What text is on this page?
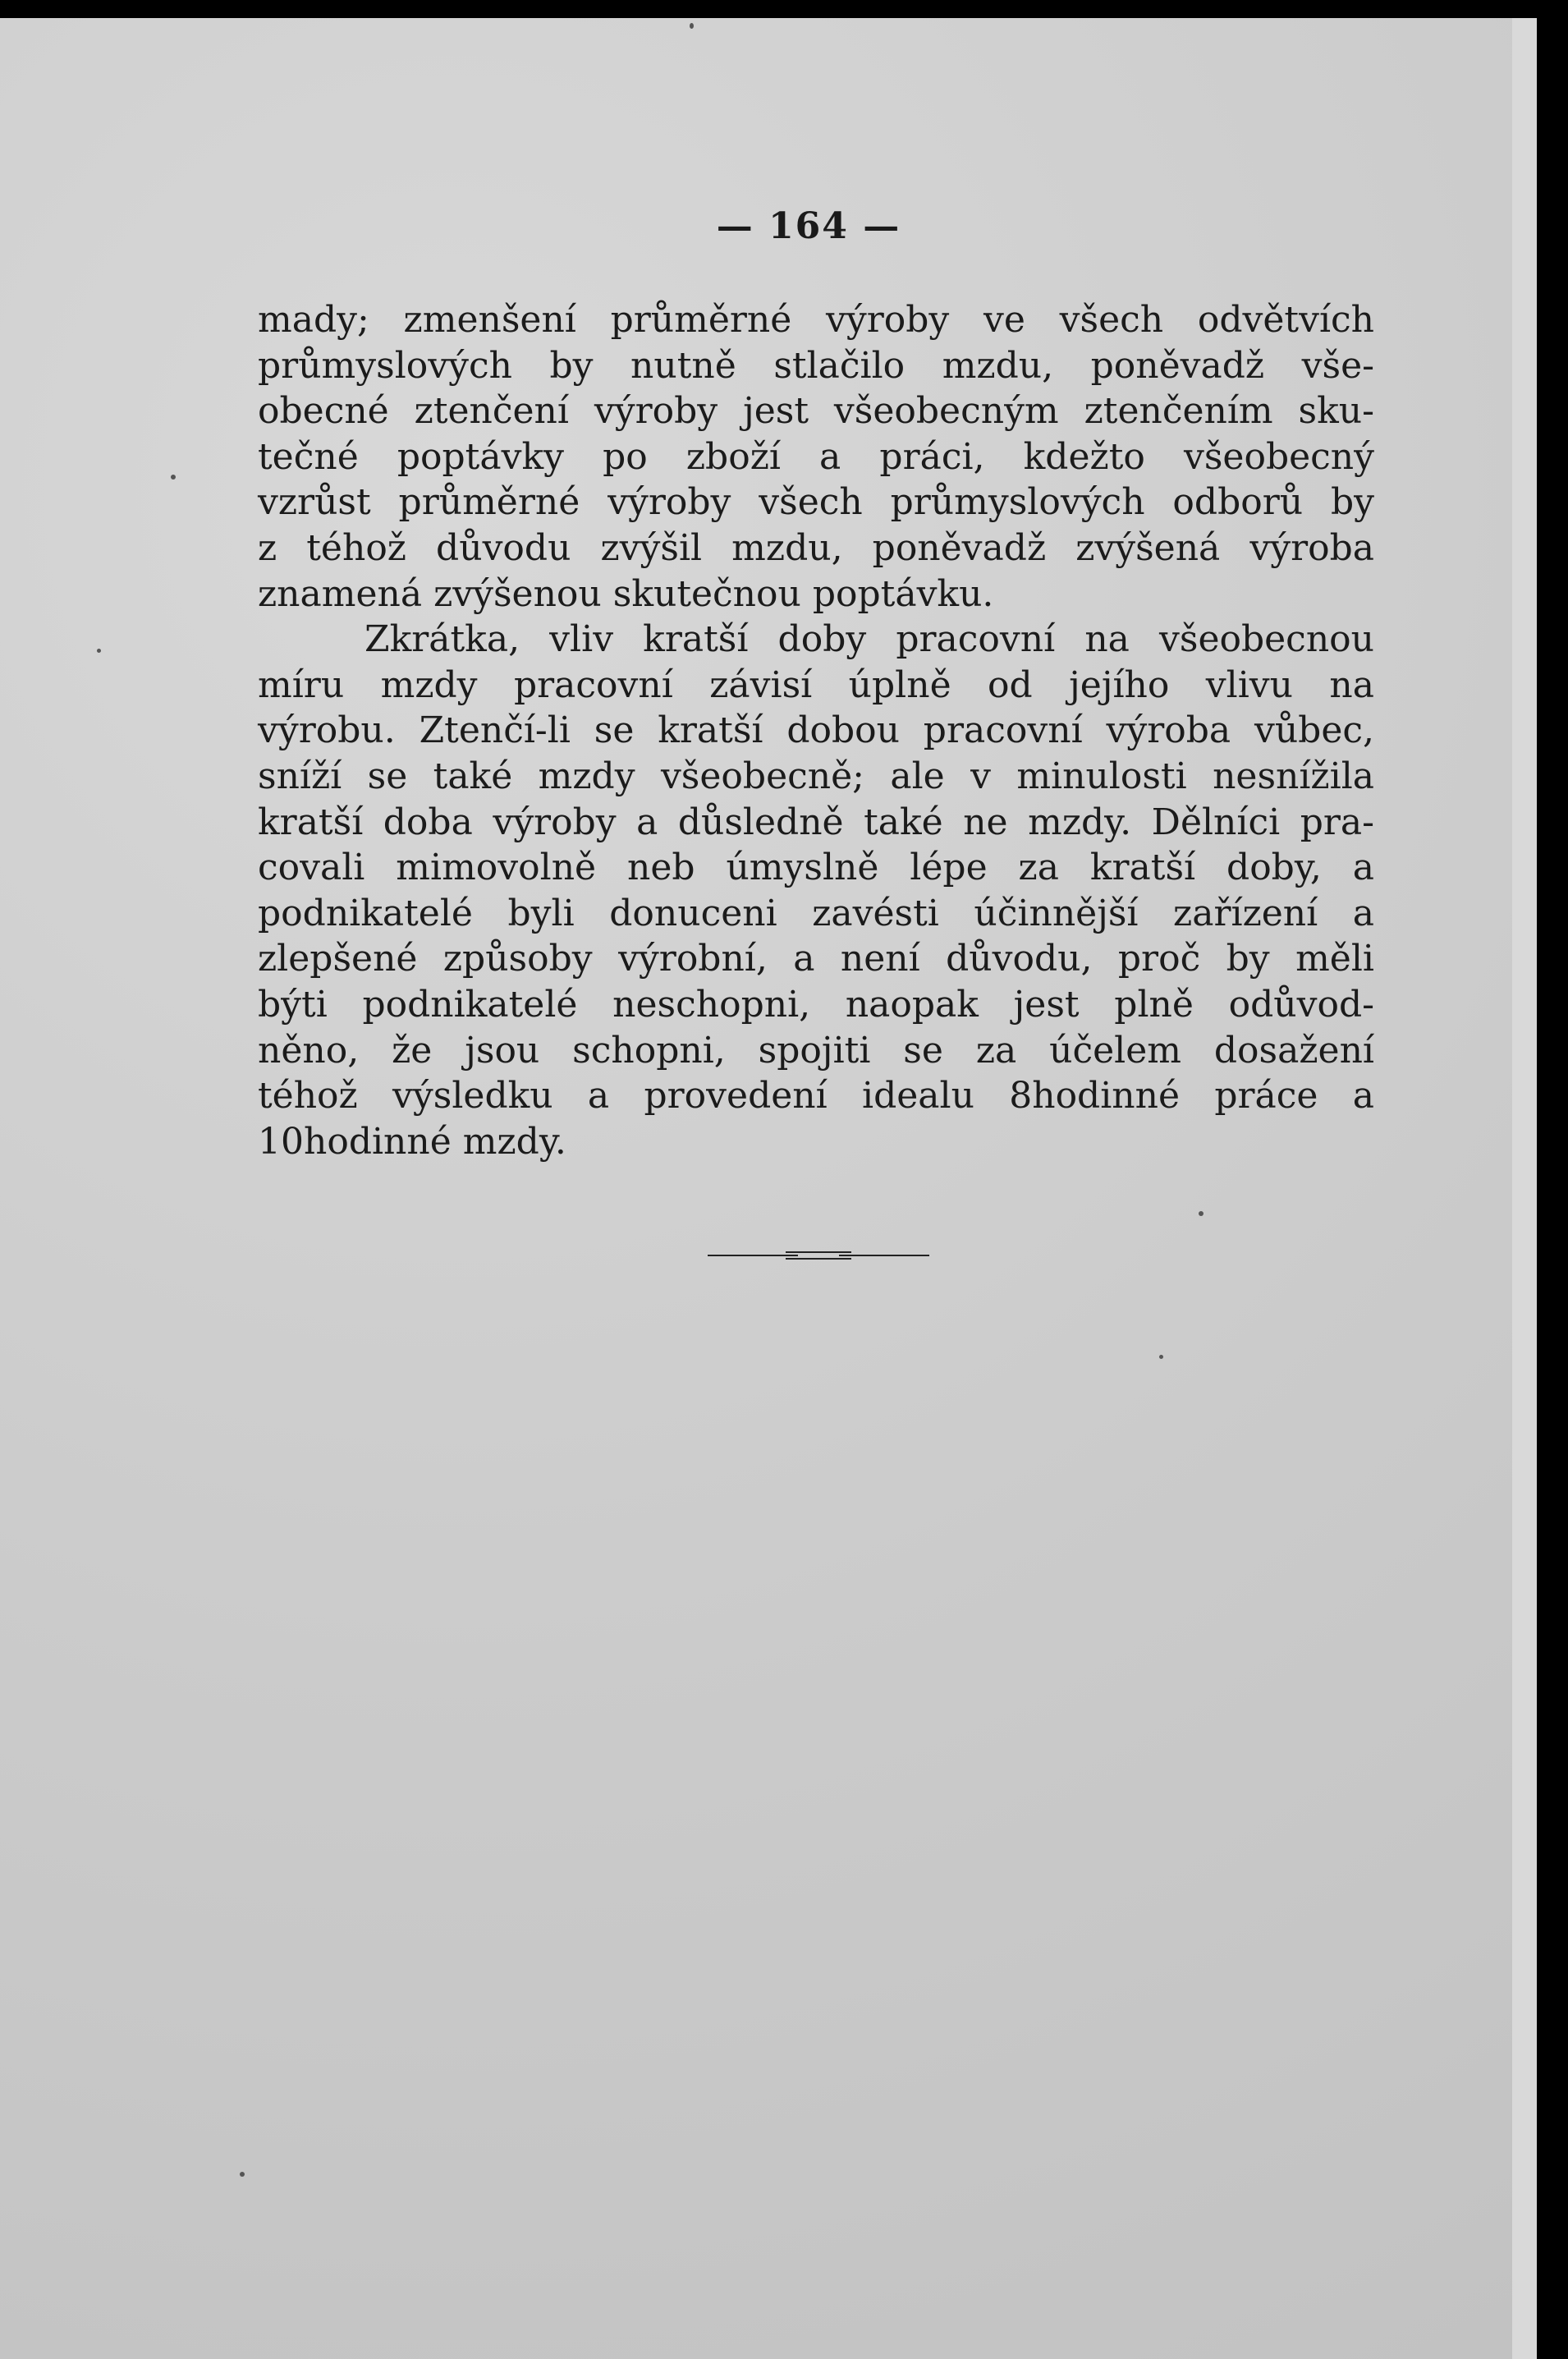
— 164 —
mady; zmenšení průměrné výroby ve všech odvětvích
průmyslových by nutně stlačilo mzdu, poněvadž vše-
obecné ztenčení výroby jest všeobecným ztenčením sku-
tečné poptávky po zboží a práci, kdežto všeobecný
vzrůst průměrné výroby všech průmyslových odborů by
z téhož důvodu zvýšil mzdu, poněvadž zvýšená výroba
znamená zvýšenou skutečnou poptávku.
Zkrátka, vliv kratší doby pracovní na všeobecnou
míru mzdy pracovní závisí úplně od jejího vlivu na
výrobu. Ztenčí-li se kratší dobou pracovní výroba vůbec,
sníží se také mzdy všeobecně; ale v minulosti nesnížila
kratší doba výroby a důsledně také ne mzdy. Dělníci pra-
covali mimovolně neb úmyslně lépe za kratší doby, a
podnikatelé byli donuceni zavésti účinnější zařízení a
zlepšené způsoby výrobní, a není důvodu, proč by měli
býti podnikatelé neschopni, naopak jest plně odůvod-
něno, že jsou schopni, spojiti se za účelem dosažení
téhož výsledku a provedení idealu 8hodinné práce a
10hodinné mzdy.
